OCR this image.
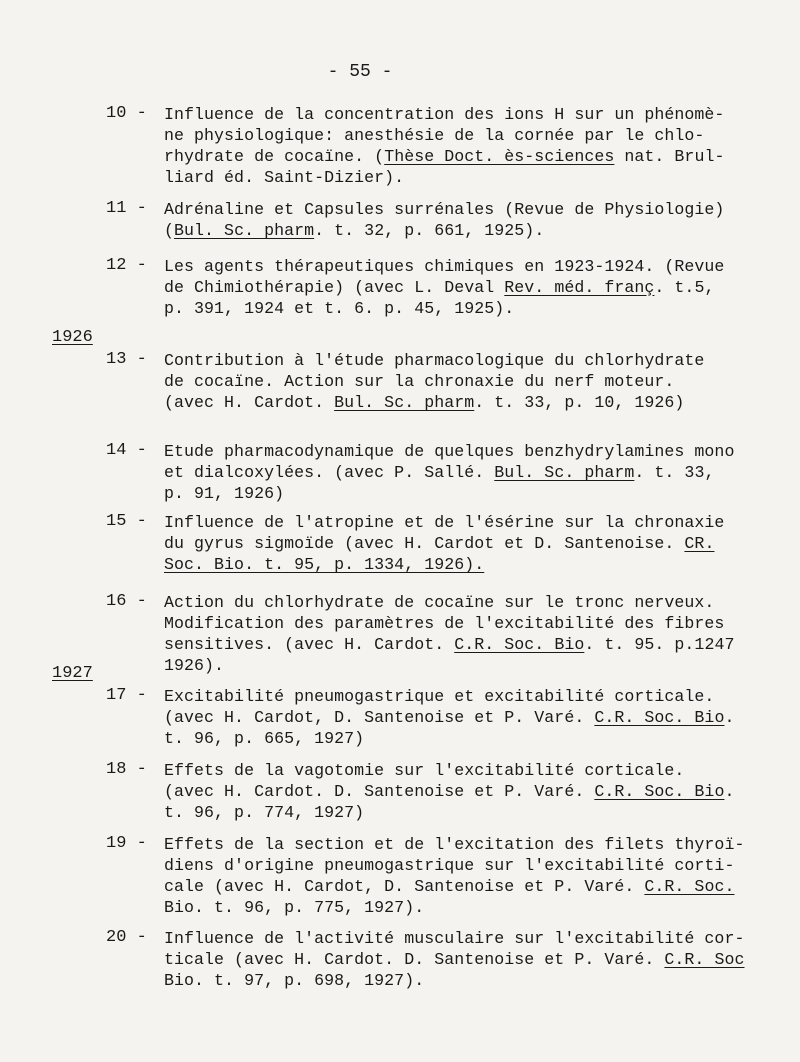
- 55 -
1926
1927
10 -	Influence de la concentration des ions H sur un phénomè-
ne physiologique: anesthésie de la cornée par le chlo-
rhydrate de cocaïne. (Thèse Doct. ès-sciences nat. Brul-
liard éd. Saint-Dizier).
11 -	Adrénaline et Capsules surrénales (Revue de Physiologie)
(Bul. Sc. pharm. t. 32, p. 661, 1925).
12 -	Les agents thérapeutiques chimiques en 1923-1924. (Revue
de Chimiothérapie) (avec L. Deval Rev. méd. franç. t.5,
p. 391, 1924 et t. 6. p. 45, 1925).
13 -	Contribution à l'étude pharmacologique du chlorhydrate
de cocaïne. Action sur la chronaxie du nerf moteur.
(avec H. Cardot. Bul. Sc. pharm. t. 33, p. 10, 1926)
14 -	Etude pharmacodynamique de quelques benzhydrylamines mono
et dialcoxylées. (avec P. Sallé. Bul. Sc. pharm. t. 33,
p. 91, 1926)
15 -	Influence de l'atropine et de l'ésérine sur la chronaxie
du gyrus sigmoïde (avec H. Cardot et D. Santenoise. CR.
Soc. Bio. t. 95, p. 1334, 1926).
16 -	Action du chlorhydrate de cocaïne sur le tronc nerveux.
Modification des paramètres de l'excitabilité des fibres
sensitives. (avec H. Cardot. C.R. Soc. Bio. t. 95. p.1247
1926).
17 -	Excitabilité pneumogastrique et excitabilité corticale.
(avec H. Cardot, D. Santenoise et P. Varé. C.R. Soc. Bio.
t. 96, p. 665, 1927)
18 -	Effets de la vagotomie sur l'excitabilité corticale.
(avec H. Cardot. D. Santenoise et P. Varé. C.R. Soc. Bio.
t. 96, p. 774, 1927)
19 -	Effets de la section et de l'excitation des filets thyroï-
diens d'origine pneumogastrique sur l'excitabilité corti-
cale (avec H. Cardot, D. Santenoise et P. Varé. C.R. Soc.
Bio. t. 96, p. 775, 1927).
20 -	Influence de l'activité musculaire sur l'excitabilité cor-
ticale (avec H. Cardot. D. Santenoise et P. Varé. C.R. Soc
Bio. t. 97, p. 698, 1927).
